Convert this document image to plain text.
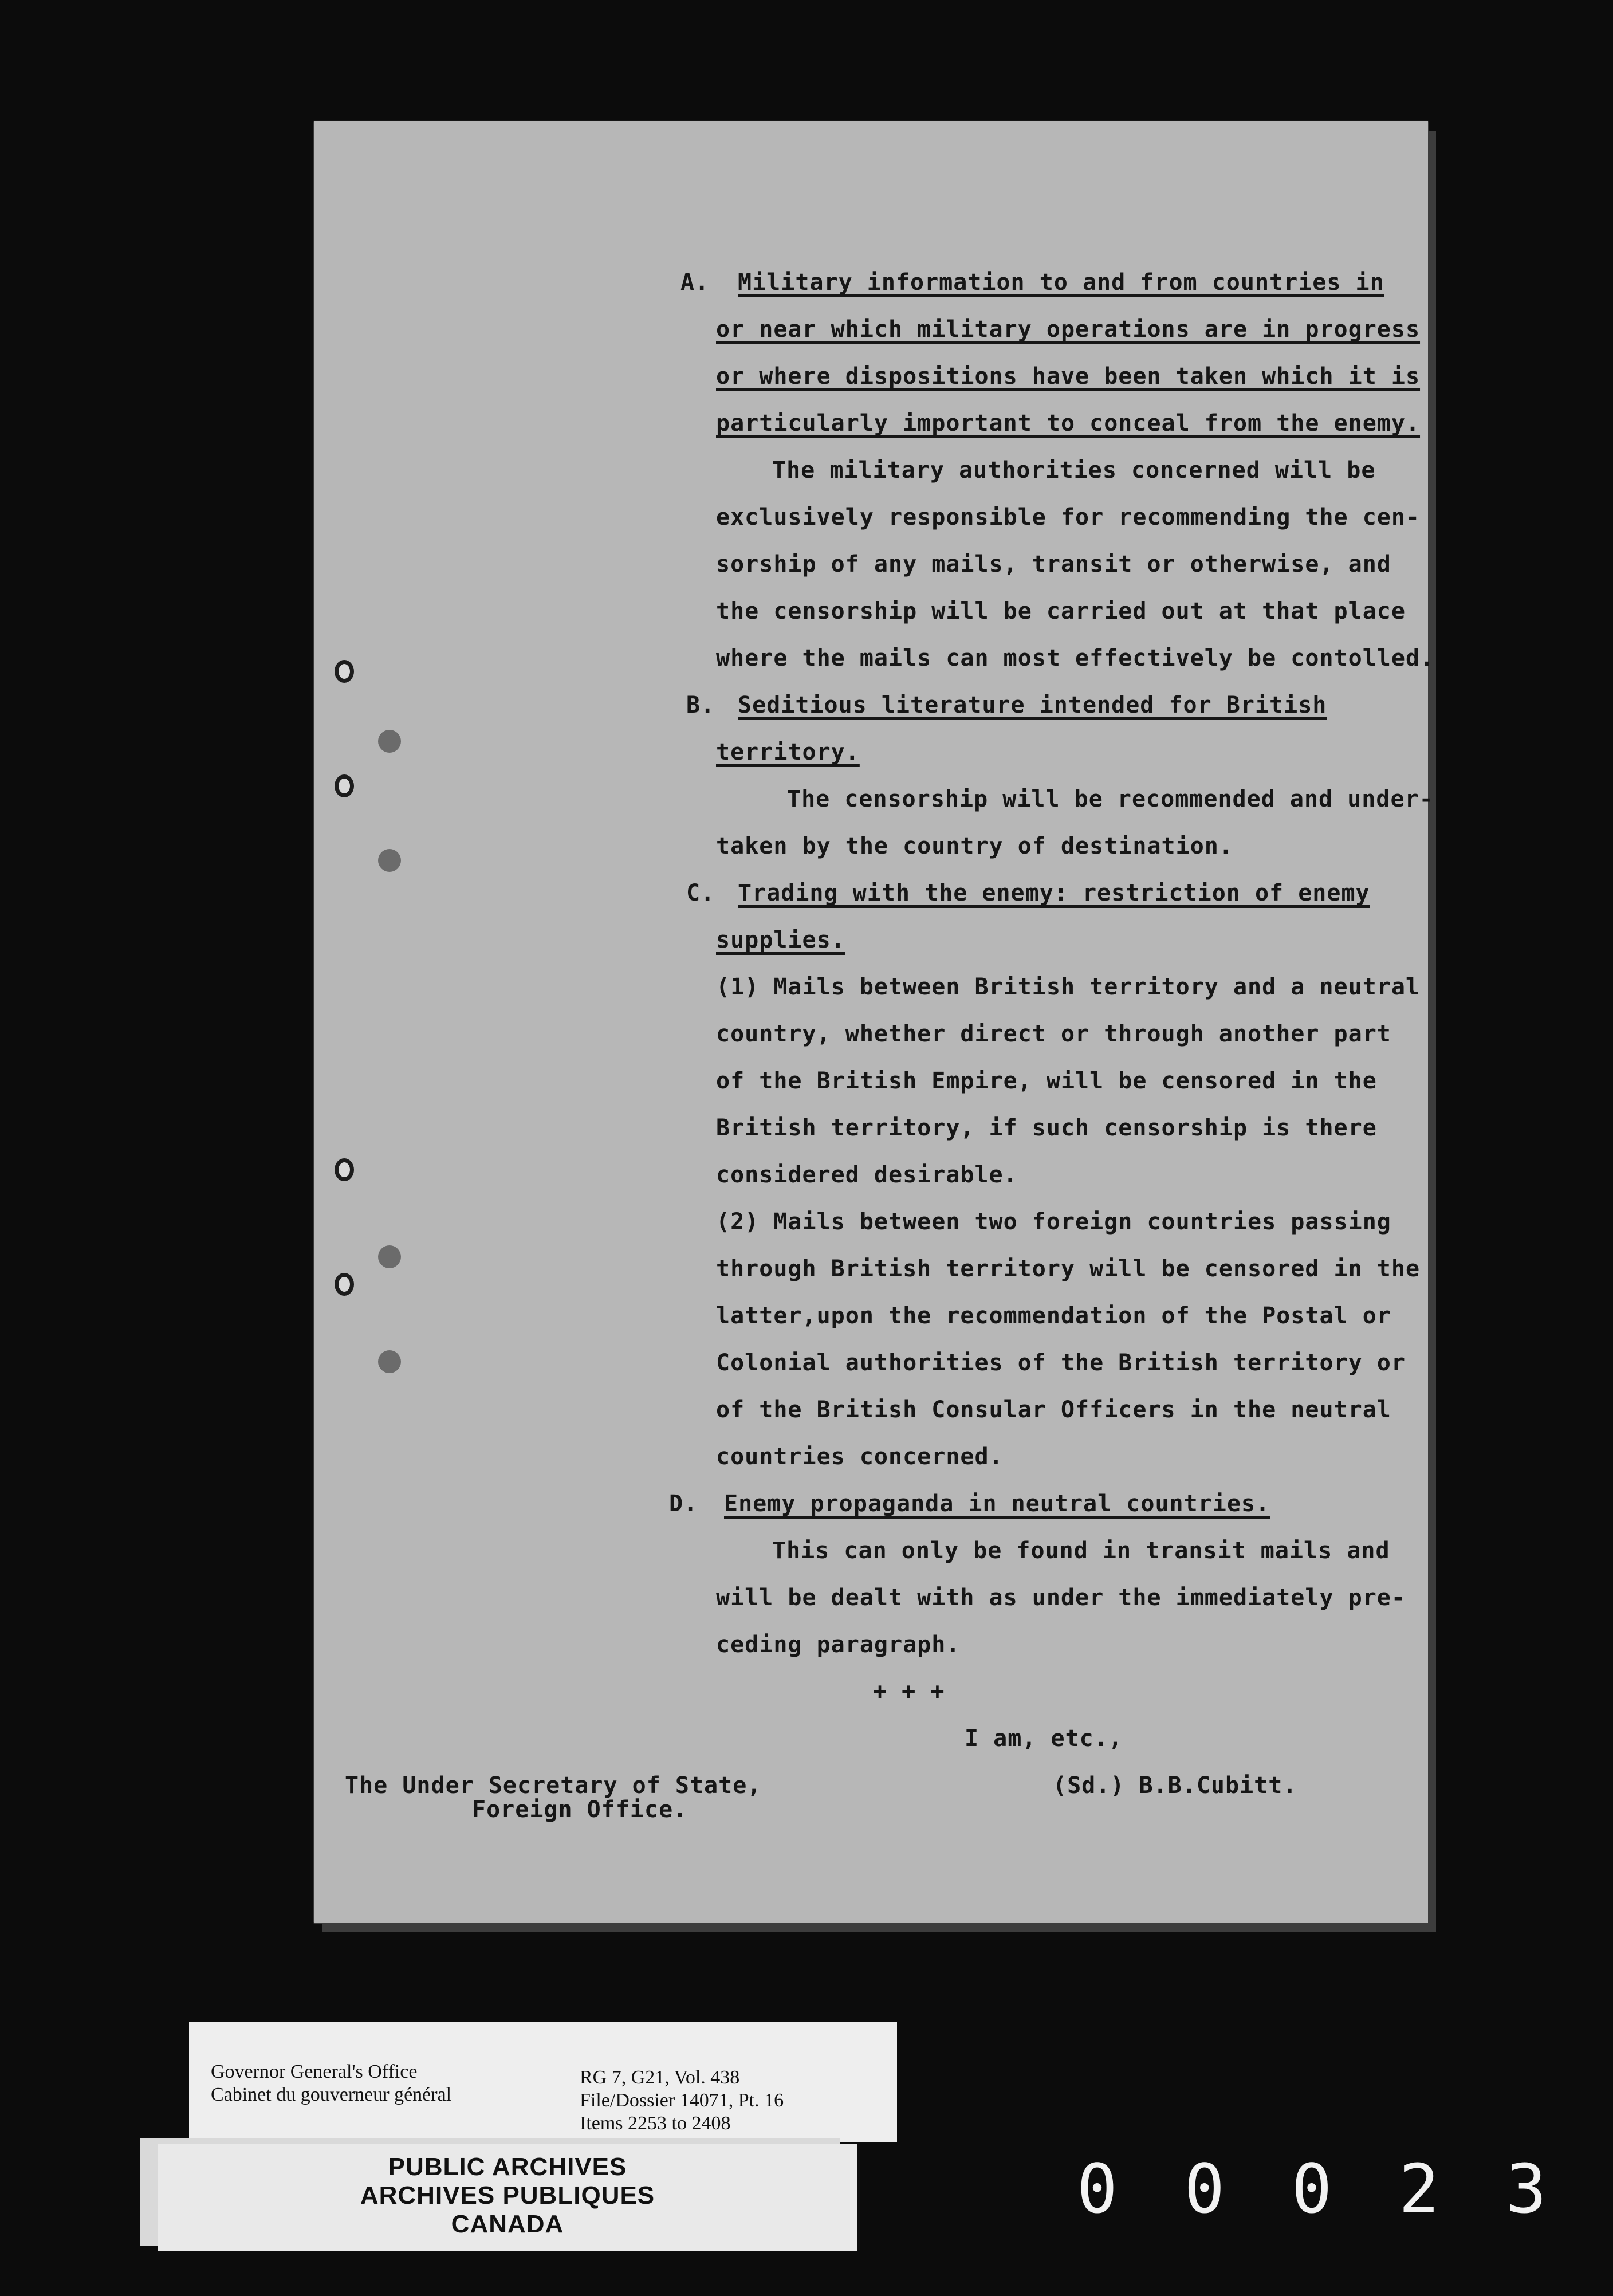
A. Military information to and from countries in
or near which military operations are in progress
or where dispositions have been taken which it is
particularly important to conceal from the enemy.
The military authorities concerned will be
exclusively responsible for recommending the cen-
sorship of any mails, transit or otherwise, and
the censorship will be carried out at that place
where the mails can most effectively be contolled.
B. Seditious literature intended for British
territory.
The censorship will be recommended and under-
taken by the country of destination.
C. Trading with the enemy: restriction of enemy
supplies.
(1) Mails between British territory and a neutral
country, whether direct or through another part
of the British Empire, will be censored in the
British territory, if such censorship is there
considered desirable.
(2) Mails between two foreign countries passing
through British territory will be censored in the
latter,upon the recommendation of the Postal or
Colonial authorities of the British territory or
of the British Consular Officers in the neutral
countries concerned.
D. Enemy propaganda in neutral countries.
This can only be found in transit mails and
will be dealt with as under the immediately pre-
ceding paragraph.
+ + +
I am, etc.,
(Sd.) B.B.Cubitt.
The Under Secretary of State,
Foreign Office.
Governor General's Office
Cabinet du gouverneur général
RG 7, G21, Vol. 438
File/Dossier 14071, Pt. 16
Items 2253 to 2408
PUBLIC ARCHIVES
ARCHIVES PUBLIQUES
CANADA	0 0 0 2 3
